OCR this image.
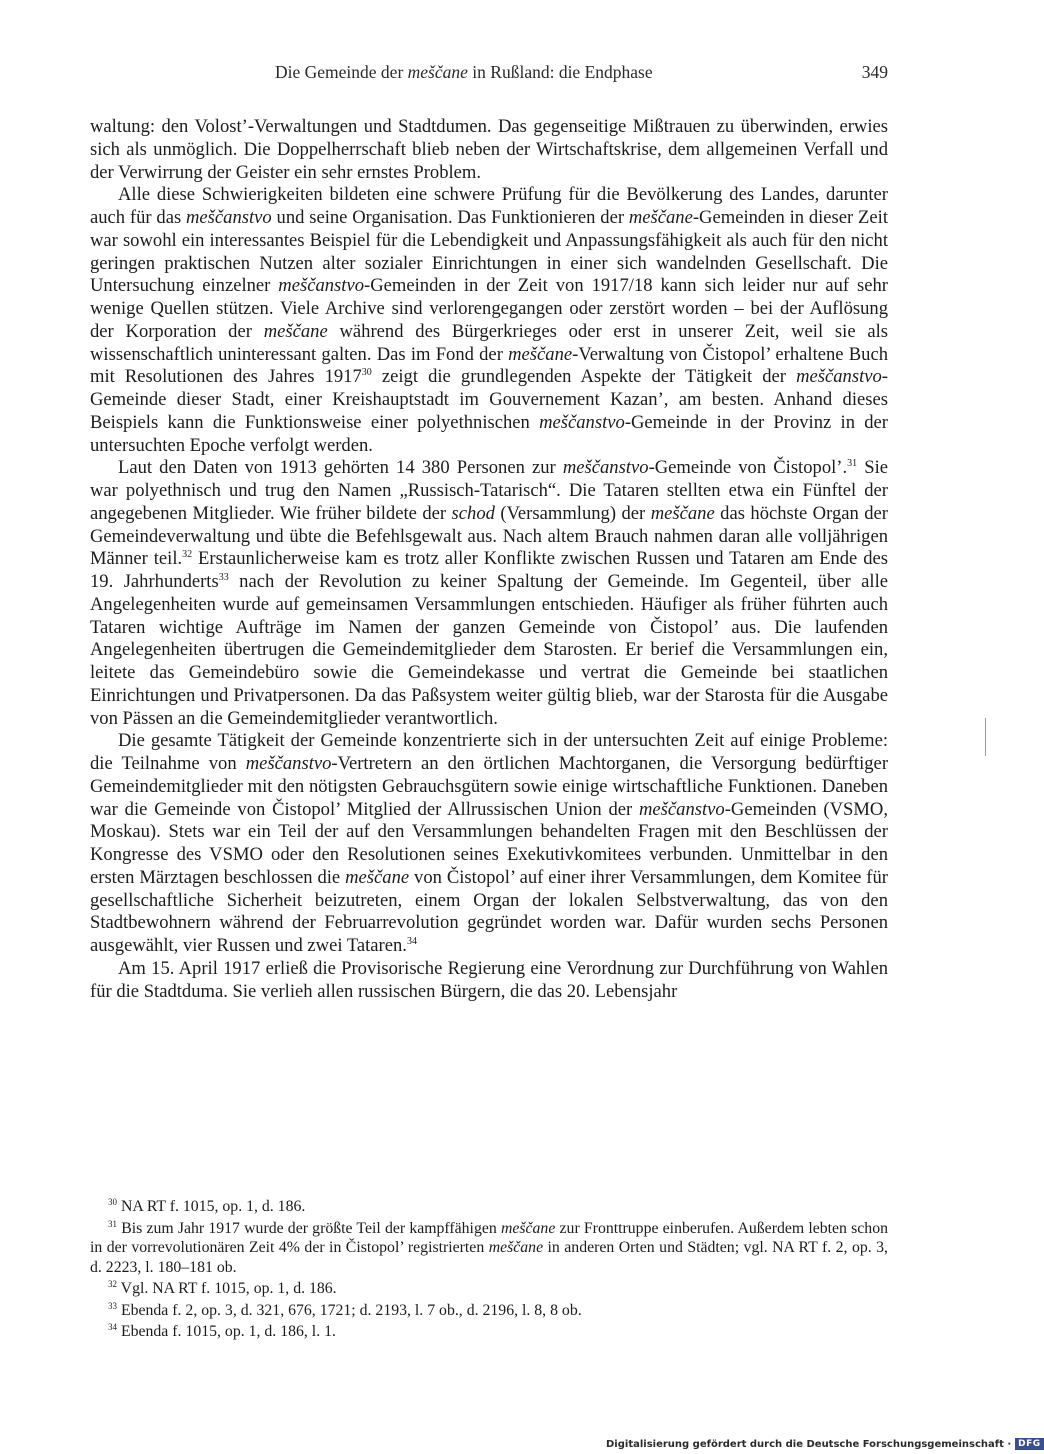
Die Gemeinde der meščane in Rußland: die Endphase	349

waltung: den Volost’-Verwaltungen und Stadtdumen. Das gegenseitige Mißtrauen zu überwinden, erwies sich als unmöglich. Die Doppelherrschaft blieb neben der Wirtschaftskrise, dem allgemeinen Verfall und der Verwirrung der Geister ein sehr ernstes Problem.

Alle diese Schwierigkeiten bildeten eine schwere Prüfung für die Bevölkerung des Landes, darunter auch für das meščanstvo und seine Organisation. Das Funktionieren der meščane-Gemeinden in dieser Zeit war sowohl ein interessantes Beispiel für die Lebendigkeit und Anpassungsfähigkeit als auch für den nicht geringen praktischen Nutzen alter sozialer Einrichtungen in einer sich wandelnden Gesellschaft. Die Untersuchung einzelner meščanstvo-Gemeinden in der Zeit von 1917/18 kann sich leider nur auf sehr wenige Quellen stützen. Viele Archive sind verlorengegangen oder zerstört worden – bei der Auflösung der Korporation der meščane während des Bürgerkrieges oder erst in unserer Zeit, weil sie als wissenschaftlich uninteressant galten. Das im Fond der meščane-Verwaltung von Čistopol’ erhaltene Buch mit Resolutionen des Jahres 1917$^{30}$ zeigt die grundlegenden Aspekte der Tätigkeit der meščanstvo-Gemeinde dieser Stadt, einer Kreishauptstadt im Gouvernement Kazan’, am besten. Anhand dieses Beispiels kann die Funktionsweise einer polyethnischen meščanstvo-Gemeinde in der Provinz in der untersuchten Epoche verfolgt werden.

Laut den Daten von 1913 gehörten 14 380 Personen zur meščanstvo-Gemeinde von Čistopol’.$^{31}$ Sie war polyethnisch und trug den Namen „Russisch-Tatarisch“. Die Tataren stellten etwa ein Fünftel der angegebenen Mitglieder. Wie früher bildete der schod (Versammlung) der meščane das höchste Organ der Gemeindeverwaltung und übte die Befehlsgewalt aus. Nach altem Brauch nahmen daran alle volljährigen Männer teil.$^{32}$ Erstaunlicherweise kam es trotz aller Konflikte zwischen Russen und Tataren am Ende des 19. Jahrhunderts$^{33}$ nach der Revolution zu keiner Spaltung der Gemeinde. Im Gegenteil, über alle Angelegenheiten wurde auf gemeinsamen Versammlungen entschieden. Häufiger als früher führten auch Tataren wichtige Aufträge im Namen der ganzen Gemeinde von Čistopol’ aus. Die laufenden Angelegenheiten übertrugen die Gemeindemitglieder dem Starosten. Er berief die Versammlungen ein, leitete das Gemeindebüro sowie die Gemeindekasse und vertrat die Gemeinde bei staatlichen Einrichtungen und Privatpersonen. Da das Paßsystem weiter gültig blieb, war der Starosta für die Ausgabe von Pässen an die Gemeindemitglieder verantwortlich.

Die gesamte Tätigkeit der Gemeinde konzentrierte sich in der untersuchten Zeit auf einige Probleme: die Teilnahme von meščanstvo-Vertretern an den örtlichen Machtorganen, die Versorgung bedürftiger Gemeindemitglieder mit den nötigsten Gebrauchsgütern sowie einige wirtschaftliche Funktionen. Daneben war die Gemeinde von Čistopol’ Mitglied der Allrussischen Union der meščanstvo-Gemeinden (VSMO, Moskau). Stets war ein Teil der auf den Versammlungen behandelten Fragen mit den Beschlüssen der Kongresse des VSMO oder den Resolutionen seines Exekutivkomitees verbunden. Unmittelbar in den ersten Märztagen beschlossen die meščane von Čistopol’ auf einer ihrer Versammlungen, dem Komitee für gesellschaftliche Sicherheit beizutreten, einem Organ der lokalen Selbstverwaltung, das von den Stadtbewohnern während der Februarrevolution gegründet worden war. Dafür wurden sechs Personen ausgewählt, vier Russen und zwei Tataren.$^{34}$

Am 15. April 1917 erließ die Provisorische Regierung eine Verordnung zur Durchführung von Wahlen für die Stadtduma. Sie verlieh allen russischen Bürgern, die das 20. Lebensjahr

$^{30}$ NA RT f. 1015, op. 1, d. 186.

$^{31}$ Bis zum Jahr 1917 wurde der größte Teil der kampffähigen meščane zur Fronttruppe einberufen. Außerdem lebten schon in der vorrevolutionären Zeit 4% der in Čistopol’ registrierten meščane in anderen Orten und Städten; vgl. NA RT f. 2, op. 3, d. 2223, l. 180–181 ob.

$^{32}$ Vgl. NA RT f. 1015, op. 1, d. 186.

$^{33}$ Ebenda f. 2, op. 3, d. 321, 676, 1721; d. 2193, l. 7 ob., d. 2196, l. 8, 8 ob.

$^{34}$ Ebenda f. 1015, op. 1, d. 186, l. 1.

Digitalisierung gefördert durch die Deutsche Forschungsgemeinschaft · DFG
